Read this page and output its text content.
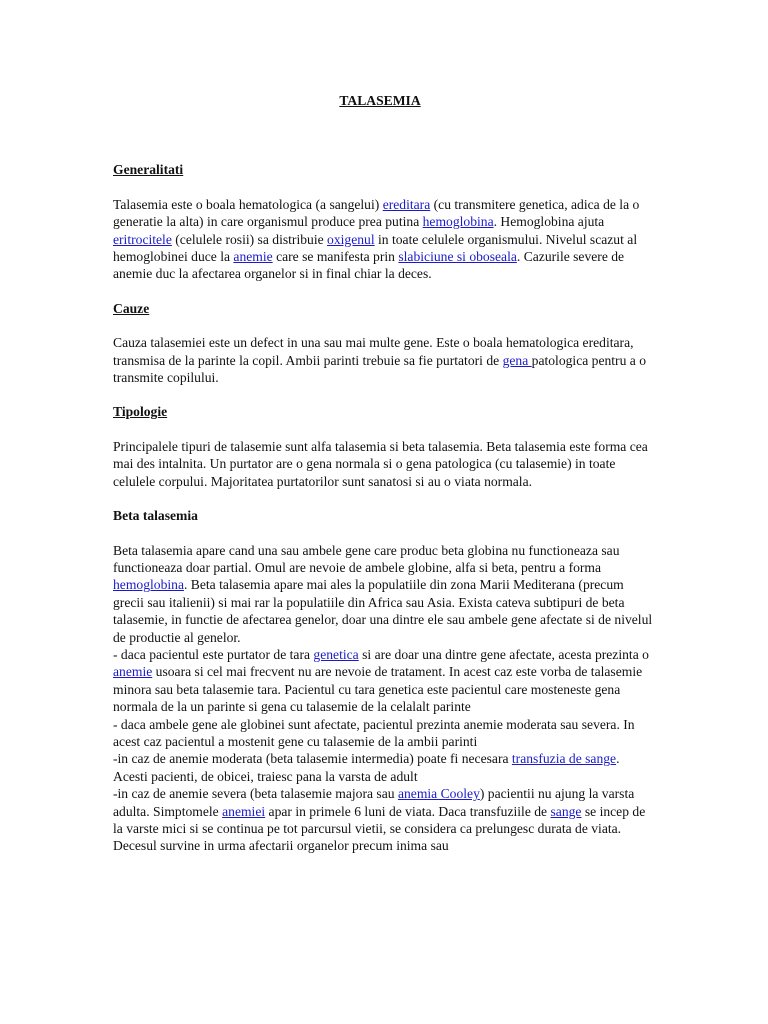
TALASEMIA
Generalitati

Talasemia este o boala hematologica (a sangelui) ereditara (cu transmitere genetica, adica de la o generatie la alta) in care organismul produce prea putina hemoglobina. Hemoglobina ajuta eritrocitele (celulele rosii) sa distribuie oxigenul in toate celulele organismului. Nivelul scazut al hemoglobinei duce la anemie care se manifesta prin slabiciune si oboseala. Cazurile severe de anemie duc la afectarea organelor si in final chiar la deces.

Cauze

Cauza talasemiei este un defect in una sau mai multe gene. Este o boala hematologica ereditara, transmisa de la parinte la copil. Ambii parinti trebuie sa fie purtatori de gena patologica pentru a o transmite copilului.

Tipologie

Principalele tipuri de talasemie sunt alfa talasemia si beta talasemia. Beta talasemia este forma cea mai des intalnita. Un purtator are o gena normala si o gena patologica (cu talasemie) in toate celulele corpului. Majoritatea purtatorilor sunt sanatosi si au o viata normala.

Beta talasemia

Beta talasemia apare cand una sau ambele gene care produc beta globina nu functioneaza sau functioneaza doar partial. Omul are nevoie de ambele globine, alfa si beta, pentru a forma hemoglobina. Beta talasemia apare mai ales la populatiile din zona Marii Mediterana (precum grecii sau italienii) si mai rar la populatiile din Africa sau Asia. Exista cateva subtipuri de beta talasemie, in functie de afectarea genelor, doar una dintre ele sau ambele gene afectate si de nivelul de productie al genelor.
- daca pacientul este purtator de tara genetica si are doar una dintre gene afectate, acesta prezinta o anemie usoara si cel mai frecvent nu are nevoie de tratament. In acest caz este vorba de talasemie minora sau beta talasemie tara. Pacientul cu tara genetica este pacientul care mosteneste gena normala de la un parinte si gena cu talasemie de la celalalt parinte
- daca ambele gene ale globinei sunt afectate, pacientul prezinta anemie moderata sau severa. In acest caz pacientul a mostenit gene cu talasemie de la ambii parinti
-in caz de anemie moderata (beta talasemie intermedia) poate fi necesara transfuzia de sange. Acesti pacienti, de obicei, traiesc pana la varsta de adult
-in caz de anemie severa (beta talasemie majora sau anemia Cooley) pacientii nu ajung la varsta adulta. Simptomele anemiei apar in primele 6 luni de viata. Daca transfuziile de sange se incep de la varste mici si se continua pe tot parcursul vietii, se considera ca prelungesc durata de viata. Decesul survine in urma afectarii organelor precum inima sau
